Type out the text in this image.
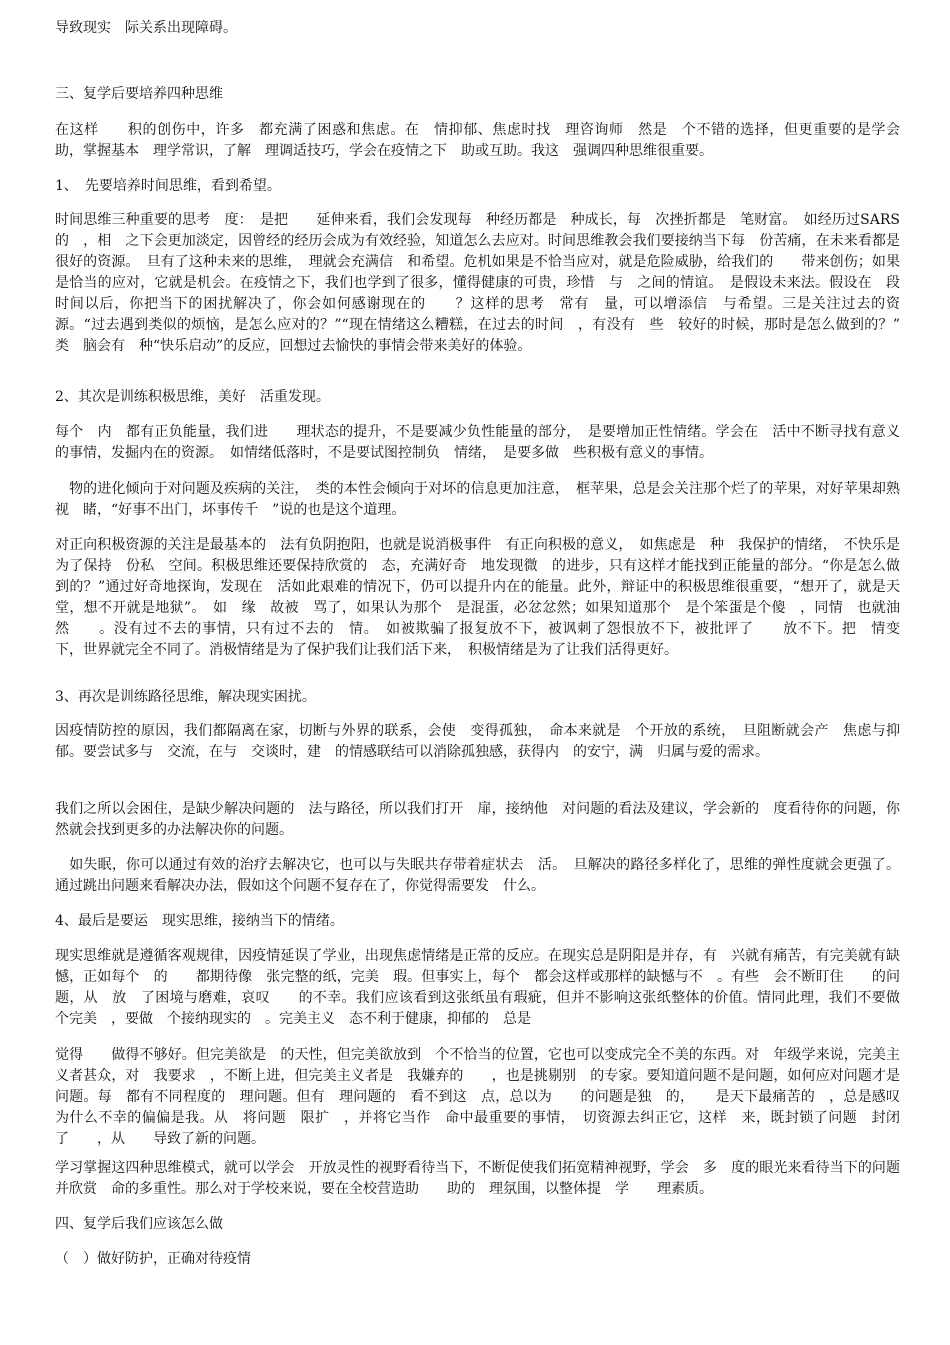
导致现实　际关系出现障碍。

三、复学后要培养四种思维

在这样　　积的创伤中，许多　都充满了困惑和焦虑。在　情抑郁、焦虑时找　理咨询师　然是　个不错的选择，但更重要的是学会　助，掌握基本　理学常识，了解　理调适技巧，学会在疫情之下　助或互助。我这　强调四种思维很重要。

1、　先要培养时间思维，看到希望。

时间思维三种重要的思考　度：　是把　　延伸来看，我们会发现每　种经历都是　种成长，每　次挫折都是　笔财富。　如经历过SARS　的　，相　之下会更加淡定，因曾经的经历会成为有效经验，知道怎么去应对。时间思维教会我们要接纳当下每　份苦痛，在未来看都是很好的资源。　旦有了这种未来的思维，　理就会充满信　和希望。危机如果是不恰当应对，就是危险威胁，给我们的　　带来创伤；如果是恰当的应对，它就是机会。在疫情之下，我们也学到了很多，懂得健康的可贵，珍惜　与　之间的情谊。　是假设未来法。假设在　段时间以后，你把当下的困扰解决了，你会如何感谢现在的　　？这样的思考　常有　量，可以增添信　与希望。三是关注过去的资源。“过去遇到类似的烦恼，是怎么应对的？”“现在情绪这么糟糕，在过去的时间　，有没有　些　较好的时候，那时是怎么做到的？”　类　脑会有　种“快乐启动”的反应，回想过去愉快的事情会带来美好的体验。

2、其次是训练积极思维，美好　活重发现。

每个　内　都有正负能量，我们进　　理状态的提升，不是要减少负性能量的部分，　是要增加正性情绪。学会在　活中不断寻找有意义的事情，发掘内在的资源。　如情绪低落时，不是要试图控制负　情绪，　是要多做　些积极有意义的事情。

　物的进化倾向于对问题及疾病的关注，　类的本性会倾向于对坏的信息更加注意，　框苹果，总是会关注那个烂了的苹果，对好苹果却熟视　睹，“好事不出门，坏事传千　”说的也是这个道理。

对正向积极资源的关注是最基本的　法有负阴抱阳，也就是说消极事件　有正向积极的意义，　如焦虑是　种　我保护的情绪，　不快乐是为了保持　份私　空间。积极思维还要保持欣赏的　态，充满好奇　地发现微　的进步，只有这样才能找到正能量的部分。“你是怎么做到的？”通过好奇地探询，发现在　活如此艰难的情况下，仍可以提升内在的能量。此外，辩证中的积极思维很重要，“想开了，就是天堂，想不开就是地狱”。　如　缘　故被　骂了，如果认为那个　是混蛋，必忿忿然；如果知道那个　是个笨蛋是个傻　，同情　也就油然　　。没有过不去的事情，只有过不去的　情。　如被欺骗了报复放不下，被讽刺了怨恨放不下，被批评了　　放不下。把　情变　下，世界就完全不同了。消极情绪是为了保护我们让我们活下来，　积极情绪是为了让我们活得更好。

3、再次是训练路径思维，解决现实困扰。

因疫情防控的原因，我们都隔离在家，切断与外界的联系，会使　变得孤独，　命本来就是　个开放的系统，　旦阻断就会产　焦虑与抑郁。要尝试多与　交流，在与　交谈时，建　的情感联结可以消除孤独感，获得内　的安宁，满　归属与爱的需求。

我们之所以会困住，是缺少解决问题的　法与路径，所以我们打开　扉，接纳他　对问题的看法及建议，学会新的　度看待你的问题，你　然就会找到更多的办法解决你的问题。

　如失眠，你可以通过有效的治疗去解决它，也可以与失眠共存带着症状去　活。　旦解决的路径多样化了，思维的弹性度就会更强了。通过跳出问题来看解决办法，假如这个问题不复存在了，你觉得需要发　什么。

4、最后是要运　现实思维，接纳当下的情绪。

现实思维就是遵循客观规律，因疫情延误了学业，出现焦虑情绪是正常的反应。在现实总是阴阳是并存，有　兴就有痛苦，有完美就有缺憾，正如每个　的　　都期待像　张完整的纸，完美　瑕。但事实上，每个　都会这样或那样的缺憾与不　。有些　会不断盯住　　的问题，从　放　了困境与磨难，哀叹　　的不幸。我们应该看到这张纸虽有瑕疵，但并不影响这张纸整体的价值。情同此理，我们不要做　个完美　，要做　个接纳现实的　。完美主义　态不利于健康，抑郁的　总是

觉得　　做得不够好。但完美欲是　的天性，但完美欲放到　个不恰当的位置，它也可以变成完全不美的东西。对　年级学来说，完美主义者甚众，对　我要求　，不断上进，但完美主义者是　我嫌弃的　　，也是挑剔别　的专家。要知道问题不是问题，如何应对问题才是问题。每　都有不同程度的　理问题。但有　理问题的　看不到这　点，总以为　　的问题是独　的，　　是天下最痛苦的　，总是感叹为什么不幸的偏偏是我。从　将问题　限扩　，并将它当作　命中最重要的事情，　切资源去纠正它，这样　来，既封锁了问题　封闭了　　，从　　导致了新的问题。

学习掌握这四种思维模式，就可以学会　开放灵性的视野看待当下，不断促使我们拓宽精神视野，学会　多　度的眼光来看待当下的问题并欣赏　命的多重性。那么对于学校来说，要在全校营造助　　助的　理氛围，以整体提　学　　理素质。

四、复学后我们应该怎么做

（　）做好防护，正确对待疫情
